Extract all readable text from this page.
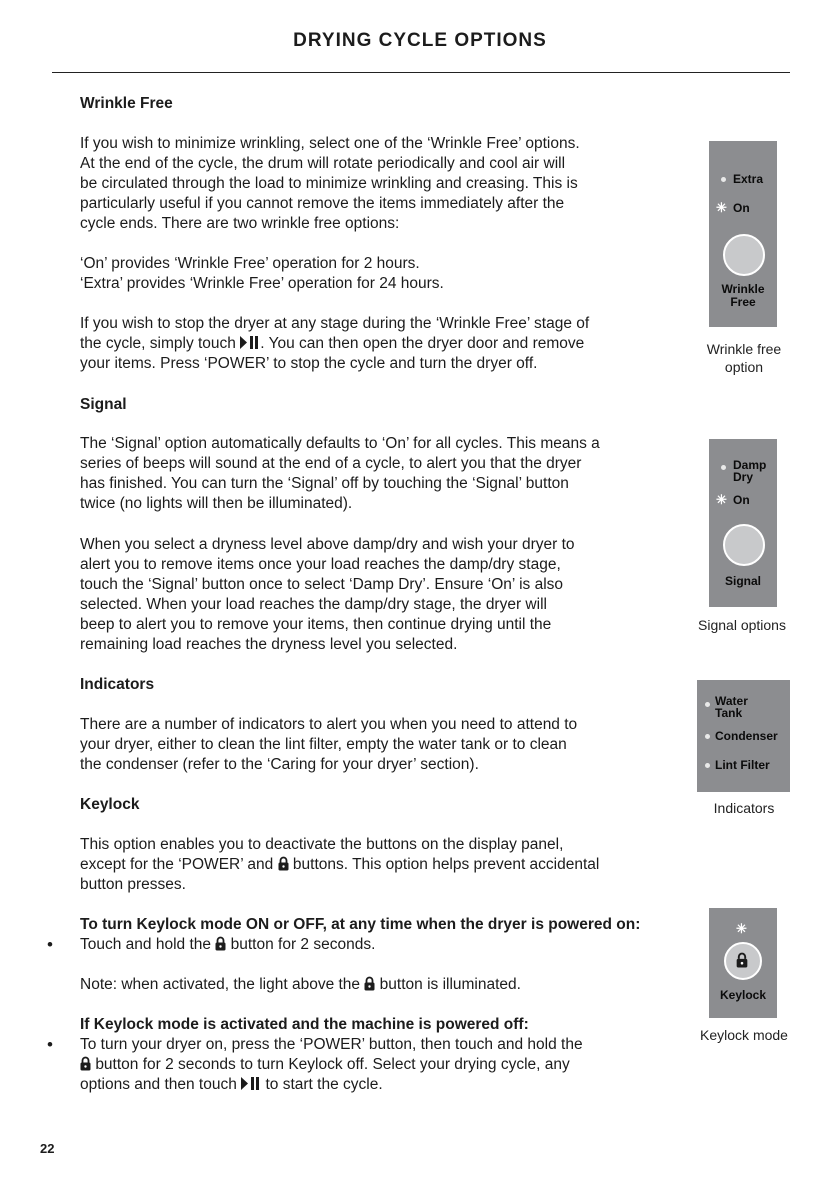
DRYING CYCLE OPTIONS

Wrinkle Free

If you wish to minimize wrinkling, select one of the ‘Wrinkle Free’ options.

At the end of the cycle, the drum will rotate periodically and cool air will

be circulated through the load to minimize wrinkling and creasing. This is

particularly useful if you cannot remove the items immediately after the

cycle ends. There are two wrinkle free options:

‘On’ provides ‘Wrinkle Free’ operation for 2 hours.

‘Extra’ provides ‘Wrinkle Free’ operation for 24 hours.

If you wish to stop the dryer at any stage during the ‘Wrinkle Free’ stage of

the cycle, simply touch . You can then open the dryer door and remove

your items. Press ‘POWER’ to stop the cycle and turn the dryer off.

Signal

The ‘Signal’ option automatically defaults to ‘On’ for all cycles. This means a

series of beeps will sound at the end of a cycle, to alert you that the dryer

has finished. You can turn the ‘Signal’ off by touching the ‘Signal’ button

twice (no lights will then be illuminated).

When you select a dryness level above damp/dry and wish your dryer to

alert you to remove items once your load reaches the damp/dry stage,

touch the ‘Signal’ button once to select ‘Damp Dry’. Ensure ‘On’ is also

selected. When your load reaches the damp/dry stage, the dryer will

beep to alert you to remove your items, then continue drying until the

remaining load reaches the dryness level you selected.

Indicators

There are a number of indicators to alert you when you need to attend to

your dryer, either to clean the lint filter, empty the water tank or to clean

the condenser (refer to the ‘Caring for your dryer’ section).

Keylock

This option enables you to deactivate the buttons on the display panel,

except for the ‘POWER’ and buttons. This option helps prevent accidental

button presses.

To turn Keylock mode ON or OFF, at any time when the dryer is powered on:

• Touch and hold the button for 2 seconds.

Note: when activated, the light above the button is illuminated.

If Keylock mode is activated and the machine is powered off:

• To turn your dryer on, press the ‘POWER’ button, then touch and hold the

button for 2 seconds to turn Keylock off. Select your drying cycle, any

options and then touch to start the cycle.

Extra
✳ On
Wrinkle
Free
Wrinkle free
option
Damp
Dry
✳ On
Signal
Signal options
Water
Tank
Condenser
Lint Filter
Indicators
✳
Keylock
Keylock mode
22
